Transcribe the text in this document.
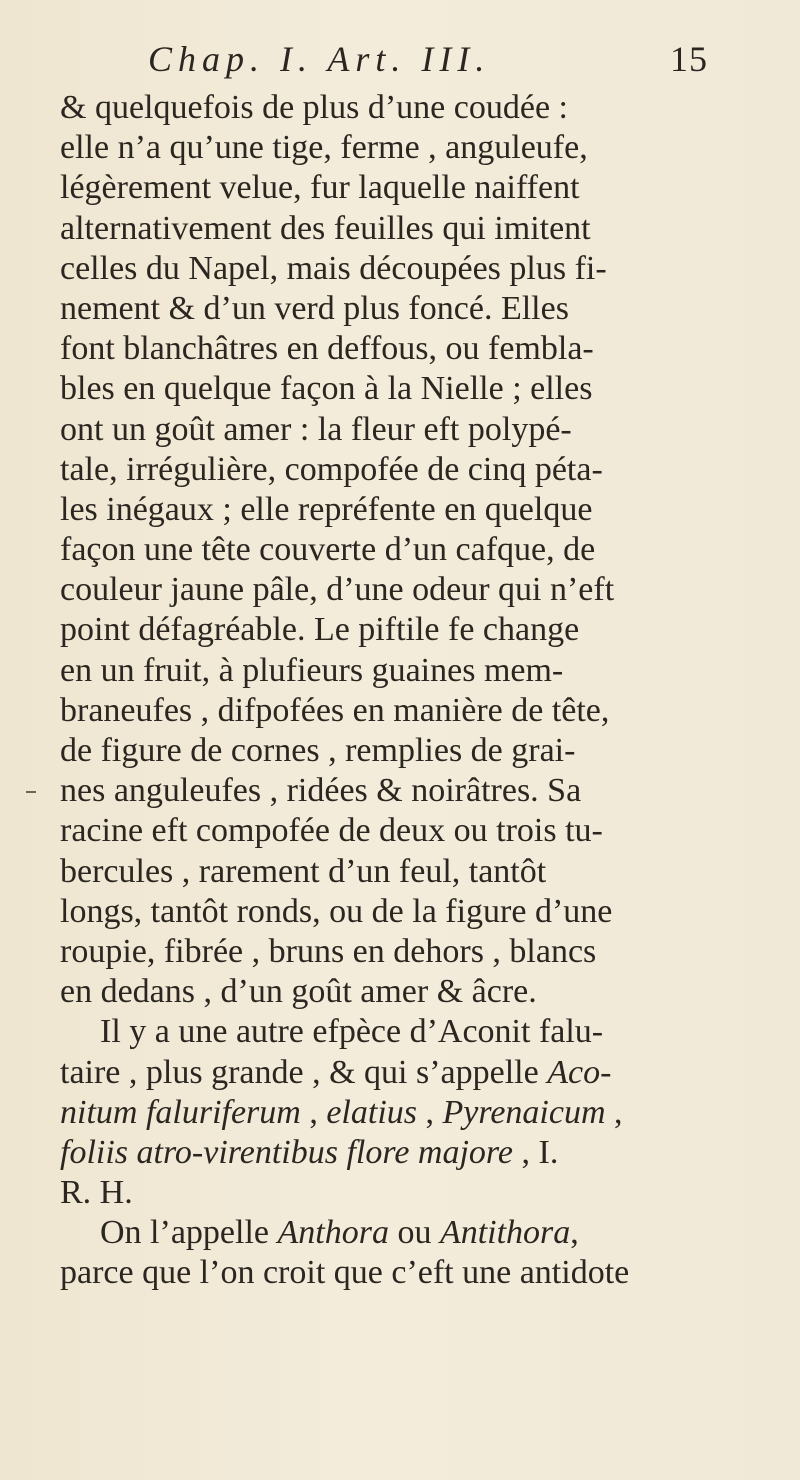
Chap. I. Art. III.	15
& quelquefois de plus d’une coudée :
elle n’a qu’une tige, ferme , anguleufe,
légèrement velue, fur laquelle naiffent
alternativement des feuilles qui imitent
celles du Napel, mais découpées plus fi-
nement & d’un verd plus foncé. Elles
font blanchâtres en deffous, ou fembla-
bles en quelque façon à la Nielle ; elles
ont un goût amer : la fleur eft polypé-
tale, irrégulière, compofée de cinq péta-
les inégaux ; elle repréfente en quelque
façon une tête couverte d’un cafque, de
couleur jaune pâle, d’une odeur qui n’eft
point défagréable. Le piftile fe change
en un fruit, à plufieurs guaines mem-
braneufes , difpofées en manière de tête,
de figure de cornes , remplies de grai-
nes anguleufes , ridées & noirâtres. Sa
racine eft compofée de deux ou trois tu-
bercules , rarement d’un feul, tantôt
longs, tantôt ronds, ou de la figure d’une
roupie, fibrée , bruns en dehors , blancs
en dedans , d’un goût amer & âcre.
Il y a une autre efpèce d’Aconit falu-
taire , plus grande , & qui s’appelle Aco-
nitum faluriferum , elatius , Pyrenaicum ,
foliis atro-virentibus flore majore , I.
R. H.
On l’appelle Anthora ou Antithora,
parce que l’on croit que c’eft une antidote
